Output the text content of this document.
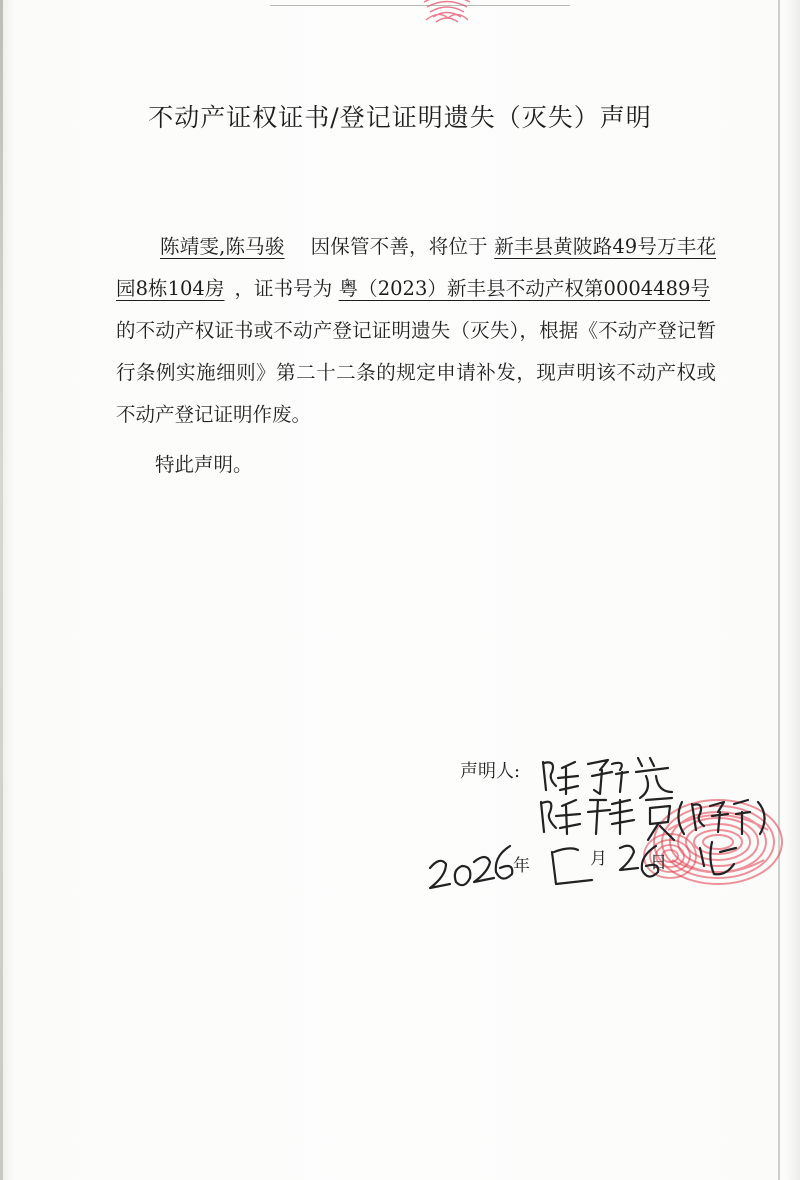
不动产证权证书/登记证明遗失（灭失）声明

陈靖雯,陈马骏 因保管不善，将位于 新丰县黄陂路49号万丰花园8栋104房 ，证书号为 粤（2023）新丰县不动产权第0004489号的不动产权证书或不动产登记证明遗失（灭失），根据《不动产登记暂行条例实施细则》第二十二条的规定申请补发，现声明该不动产权或不动产登记证明作废。

特此声明。

声明人:
年	月	日
